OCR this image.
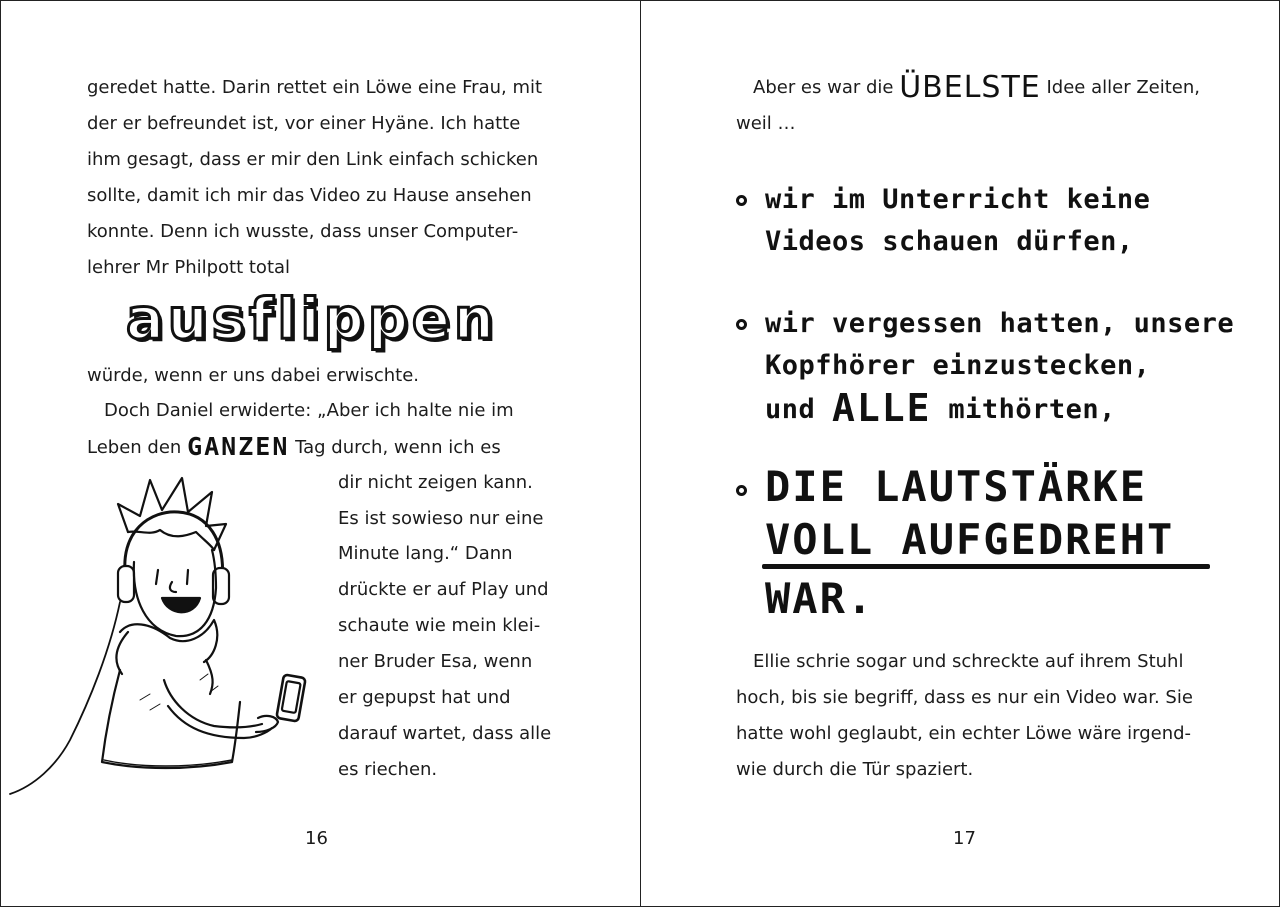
geredet hatte. Darin rettet ein Löwe eine Frau, mit
der er befreundet ist, vor einer Hyäne. Ich hatte
ihm gesagt, dass er mir den Link einfach schicken
sollte, damit ich mir das Video zu Hause ansehen
konnte. Denn ich wusste, dass unser Computer-
lehrer Mr Philpott total
ausflippen
würde, wenn er uns dabei erwischte.
Doch Daniel erwiderte: „Aber ich halte nie im
Leben den GANZEN Tag durch, wenn ich es
dir nicht zeigen kann.
Es ist sowieso nur eine
Minute lang.“ Dann
drückte er auf Play und
schaute wie mein klei-
ner Bruder Esa, wenn
er gepupst hat und
darauf wartet, dass alle
es riechen.
16
Aber es war die ÜBELSTE Idee aller Zeiten,
weil …
wir im Unterricht keine
Videos schauen dürfen,
wir vergessen hatten, unsere
Kopfhörer einzustecken,
und ALLE mithörten,
DIE LAUTSTÄRKE
VOLL AUFGEDREHT
WAR.
Ellie schrie sogar und schreckte auf ihrem Stuhl
hoch, bis sie begriff, dass es nur ein Video war. Sie
hatte wohl geglaubt, ein echter Löwe wäre irgend-
wie durch die Tür spaziert.
17
